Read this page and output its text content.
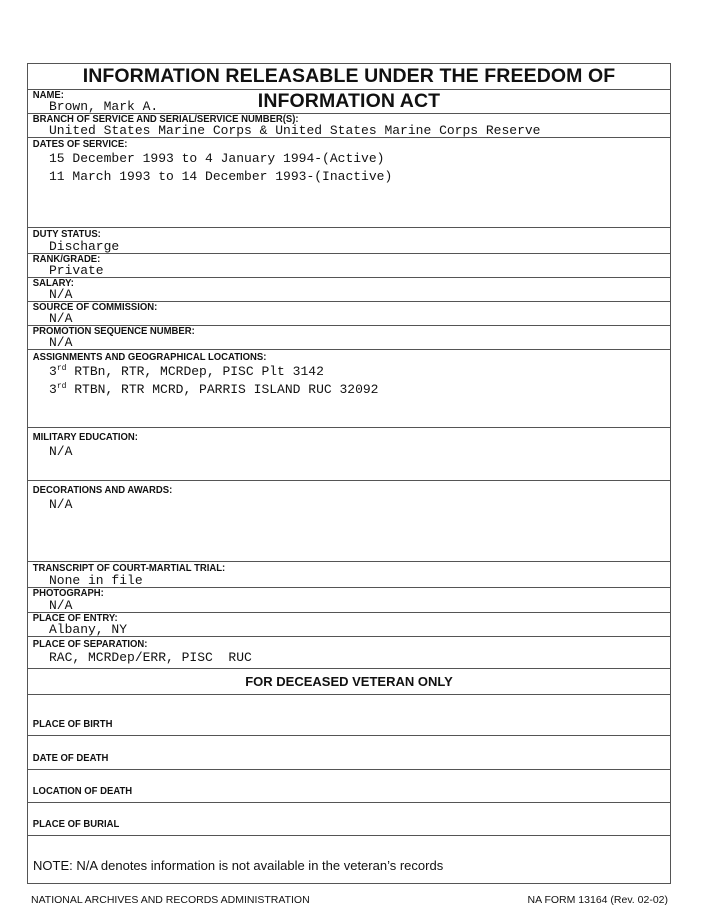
INFORMATION RELEASABLE UNDER THE FREEDOM OF INFORMATION ACT
NAME:
Brown, Mark A.
BRANCH OF SERVICE AND SERIAL/SERVICE NUMBER(S):
United States Marine Corps & United States Marine Corps Reserve
DATES OF SERVICE:
15 December 1993 to 4 January 1994-(Active)
11 March 1993 to 14 December 1993-(Inactive)
DUTY STATUS:
Discharge
RANK/GRADE:
Private
SALARY:
N/A
SOURCE OF COMMISSION:
N/A
PROMOTION SEQUENCE NUMBER:
N/A
ASSIGNMENTS AND GEOGRAPHICAL LOCATIONS:
3rd RTBn, RTR, MCRDep, PISC Plt 3142
3rd RTBN, RTR MCRD, PARRIS ISLAND RUC 32092
MILITARY EDUCATION:
N/A
DECORATIONS AND AWARDS:
N/A
TRANSCRIPT OF COURT-MARTIAL TRIAL:
None in file
PHOTOGRAPH:
N/A
PLACE OF ENTRY:
Albany, NY
PLACE OF SEPARATION:
RAC, MCRDep/ERR, PISC  RUC
FOR DECEASED VETERAN ONLY
PLACE OF BIRTH
DATE OF DEATH
LOCATION OF DEATH
PLACE OF BURIAL
NOTE: N/A denotes information is not available in the veteran’s records
NATIONAL ARCHIVES AND RECORDS ADMINISTRATION	NA FORM 13164 (Rev. 02-02)
